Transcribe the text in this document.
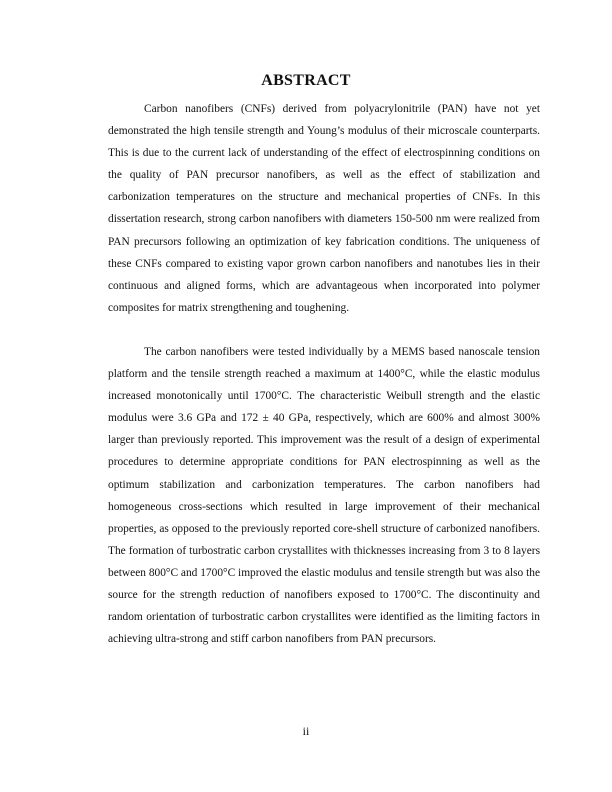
ABSTRACT

Carbon nanofibers (CNFs) derived from polyacrylonitrile (PAN) have not yet demonstrated the high tensile strength and Young’s modulus of their microscale counterparts. This is due to the current lack of understanding of the effect of electrospinning conditions on the quality of PAN precursor nanofibers, as well as the effect of stabilization and carbonization temperatures on the structure and mechanical properties of CNFs. In this dissertation research, strong carbon nanofibers with diameters 150-500 nm were realized from PAN precursors following an optimization of key fabrication conditions. The uniqueness of these CNFs compared to existing vapor grown carbon nanofibers and nanotubes lies in their continuous and aligned forms, which are advantageous when incorporated into polymer composites for matrix strengthening and toughening.

The carbon nanofibers were tested individually by a MEMS based nanoscale tension platform and the tensile strength reached a maximum at 1400°C, while the elastic modulus increased monotonically until 1700°C. The characteristic Weibull strength and the elastic modulus were 3.6 GPa and 172 ± 40 GPa, respectively, which are 600% and almost 300% larger than previously reported. This improvement was the result of a design of experimental procedures to determine appropriate conditions for PAN electrospinning as well as the optimum stabilization and carbonization temperatures. The carbon nanofibers had homogeneous cross-sections which resulted in large improvement of their mechanical properties, as opposed to the previously reported core-shell structure of carbonized nanofibers. The formation of turbostratic carbon crystallites with thicknesses increasing from 3 to 8 layers between 800°C and 1700°C improved the elastic modulus and tensile strength but was also the source for the strength reduction of nanofibers exposed to 1700°C. The discontinuity and random orientation of turbostratic carbon crystallites were identified as the limiting factors in achieving ultra-strong and stiff carbon nanofibers from PAN precursors.

ii
